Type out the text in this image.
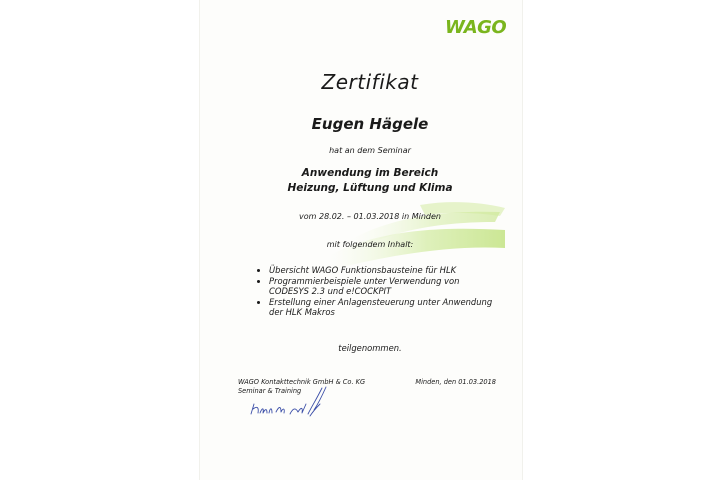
WAGO
Zertifikat
Eugen Hägele
hat an dem Seminar
Anwendung im Bereich
Heizung, Lüftung und Klima
vom 28.02. – 01.03.2018 in Minden
mit folgendem Inhalt:
Übersicht WAGO Funktionsbausteine für HLK
Programmierbeispiele unter Verwendung von
CODESYS 2.3 und e!COCKPIT
Erstellung einer Anlagensteuerung unter Anwendung
der HLK Makros
teilgenommen.
WAGO Kontakttechnik GmbH & Co. KG
Seminar & Training
Minden, den 01.03.2018
